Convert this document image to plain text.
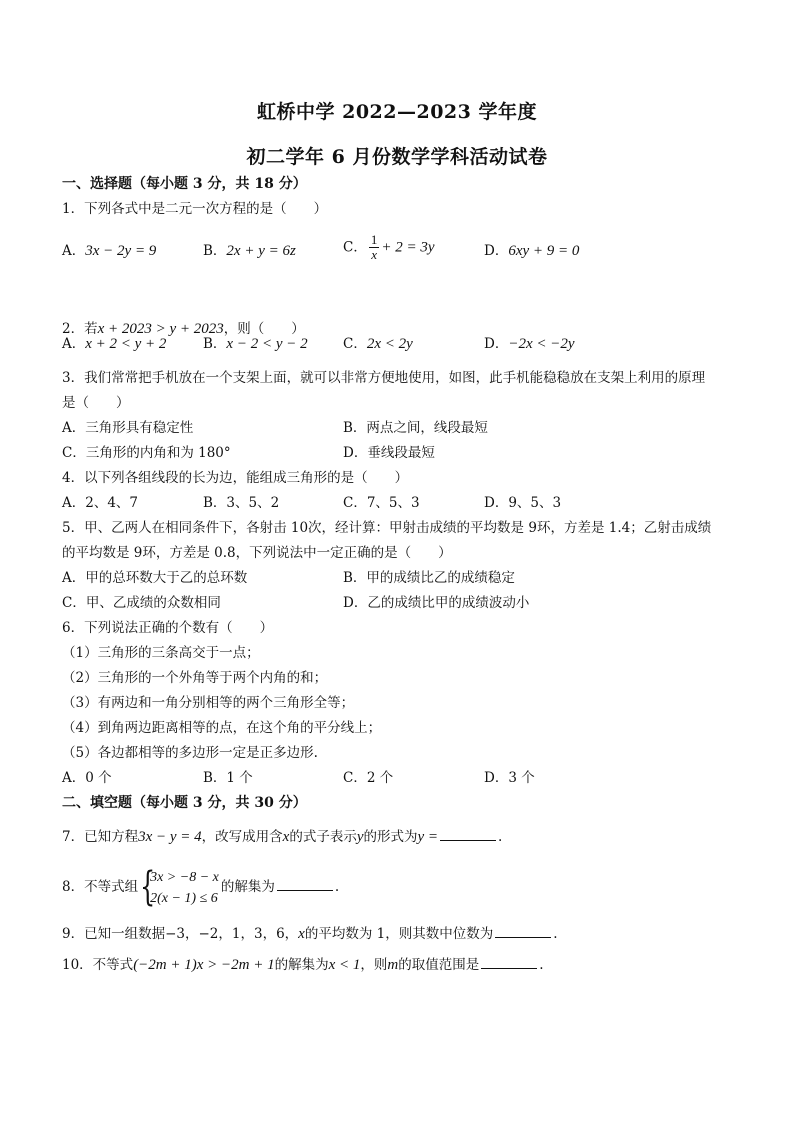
虹桥中学 2022—2023 学年度
初二学年 6 月份数学学科活动试卷
一、选择题（每小题 3 分，共 18 分）
1．下列各式中是二元一次方程的是（　　）
A．3x − 2y = 9	B．2x + y = 6z	C． $\frac{1}{x} + 2 = 3y$	D．6xy + 9 = 0
2．若x + 2023 > y + 2023，则（　　）
A．x + 2 < y + 2	B．x − 2 < y − 2	C．2x < 2y	D．−2x < −2y
3．我们常常把手机放在一个支架上面，就可以非常方便地使用，如图，此手机能稳稳放在支架上利用的原理
是（　　）
A．三角形具有稳定性	B．两点之间，线段最短
C．三角形的内角和为 180°	D．垂线段最短
4．以下列各组线段的长为边，能组成三角形的是（　　）
A．2、4、7	B．3、5、2	C．7、5、3	D．9、5、3
5．甲、乙两人在相同条件下，各射击 10次，经计算：甲射击成绩的平均数是 9环，方差是 1.4；乙射击成绩
的平均数是 9环，方差是 0.8，下列说法中一定正确的是（　　）
A．甲的总环数大于乙的总环数	B．甲的成绩比乙的成绩稳定
C．甲、乙成绩的众数相同	D．乙的成绩比甲的成绩波动小
6．下列说法正确的个数有（　　）
（1）三角形的三条高交于一点；
（2）三角形的一个外角等于两个内角的和；
（3）有两边和一角分别相等的两个三角形全等；
（4）到角两边距离相等的点，在这个角的平分线上；
（5）各边都相等的多边形一定是正多边形.
A．0 个	B．1 个	C．2 个	D．3 个
二、填空题（每小题 3 分，共 30 分）
7．已知方程3x − y = 4，改写成用含x的式子表示y的形式为y =	.
8．不等式组 {
3x > −8 − x
2(x − 1) ≤ 6
的解集为	.
9．已知一组数据−3，−2，1，3，6，x的平均数为 1，则其数中位数为	.
10．不等式(−2m + 1)x > −2m + 1的解集为x < 1，则m的取值范围是	.
